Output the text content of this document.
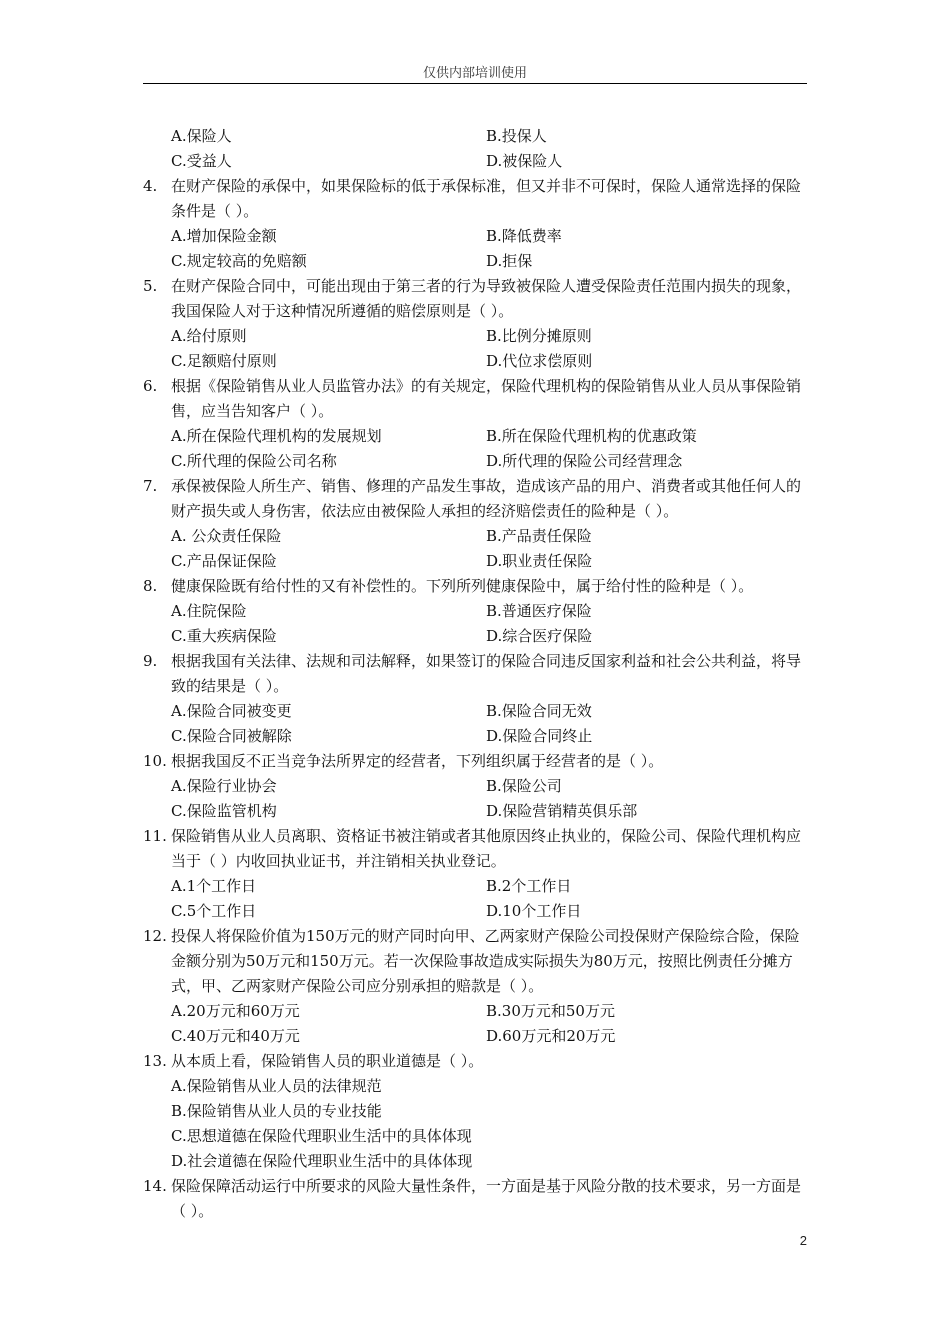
仅供内部培训使用
A.保险人	B.投保人
C.受益人	D.被保险人
4. 在财产保险的承保中，如果保险标的低于承保标准，但又并非不可保时，保险人通常选择的保险条件是（ ）。
A.增加保险金额	B.降低费率
C.规定较高的免赔额	D.拒保
5. 在财产保险合同中，可能出现由于第三者的行为导致被保险人遭受保险责任范围内损失的现象，我国保险人对于这种情况所遵循的赔偿原则是（ ）。
A.给付原则	B.比例分摊原则
C.足额赔付原则	D.代位求偿原则
6. 根据《保险销售从业人员监管办法》的有关规定，保险代理机构的保险销售从业人员从事保险销售，应当告知客户（ ）。
A.所在保险代理机构的发展规划	B.所在保险代理机构的优惠政策
C.所代理的保险公司名称	D.所代理的保险公司经营理念
7. 承保被保险人所生产、销售、修理的产品发生事故，造成该产品的用户、消费者或其他任何人的财产损失或人身伤害，依法应由被保险人承担的经济赔偿责任的险种是（ ）。
A. 公众责任保险	B.产品责任保险
C.产品保证保险	D.职业责任保险
8. 健康保险既有给付性的又有补偿性的。下列所列健康保险中，属于给付性的险种是（ ）。
A.住院保险	B.普通医疗保险
C.重大疾病保险	D.综合医疗保险
9. 根据我国有关法律、法规和司法解释，如果签订的保险合同违反国家利益和社会公共利益，将导致的结果是（ ）。
A.保险合同被变更	B.保险合同无效
C.保险合同被解除	D.保险合同终止
10. 根据我国反不正当竞争法所界定的经营者，下列组织属于经营者的是（ ）。
A.保险行业协会	B.保险公司
C.保险监管机构	D.保险营销精英俱乐部
11. 保险销售从业人员离职、资格证书被注销或者其他原因终止执业的，保险公司、保险代理机构应当于（ ）内收回执业证书，并注销相关执业登记。
A.1个工作日	B.2个工作日
C.5个工作日	D.10个工作日
12. 投保人将保险价值为150万元的财产同时向甲、乙两家财产保险公司投保财产保险综合险，保险金额分别为50万元和150万元。若一次保险事故造成实际损失为80万元，按照比例责任分摊方式，甲、乙两家财产保险公司应分别承担的赔款是（ ）。
A.20万元和60万元	B.30万元和50万元
C.40万元和40万元	D.60万元和20万元
13. 从本质上看，保险销售人员的职业道德是（ ）。
A.保险销售从业人员的法律规范
B.保险销售从业人员的专业技能
C.思想道德在保险代理职业生活中的具体体现
D.社会道德在保险代理职业生活中的具体体现
14. 保险保障活动运行中所要求的风险大量性条件，一方面是基于风险分散的技术要求，另一方面是（ ）。
2
